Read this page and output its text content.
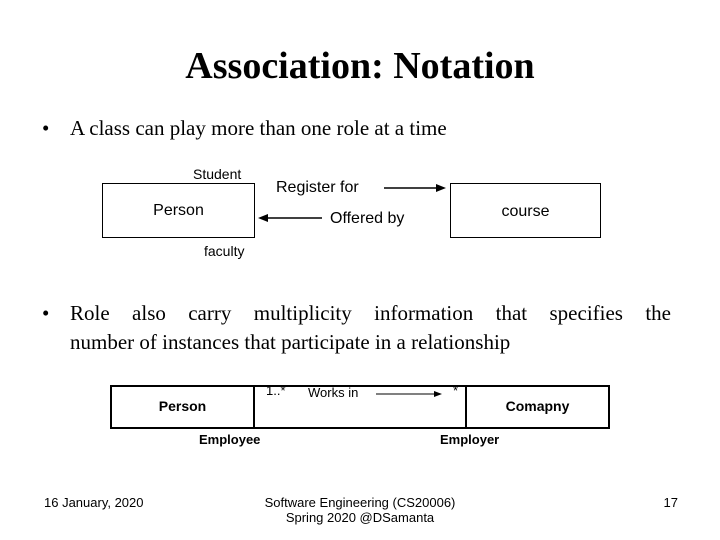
Association: Notation
• A class can play more than one role at a time
Student
Person	course
Register for
Offered by
faculty
• Role also carry multiplicity information that specifies the
number of instances that participate in a relationship
Person	Comapny
1..*	*
Works in
Employee	Employer
16 January, 2020	Software Engineering (CS20006)
Spring 2020 @DSamanta
17
